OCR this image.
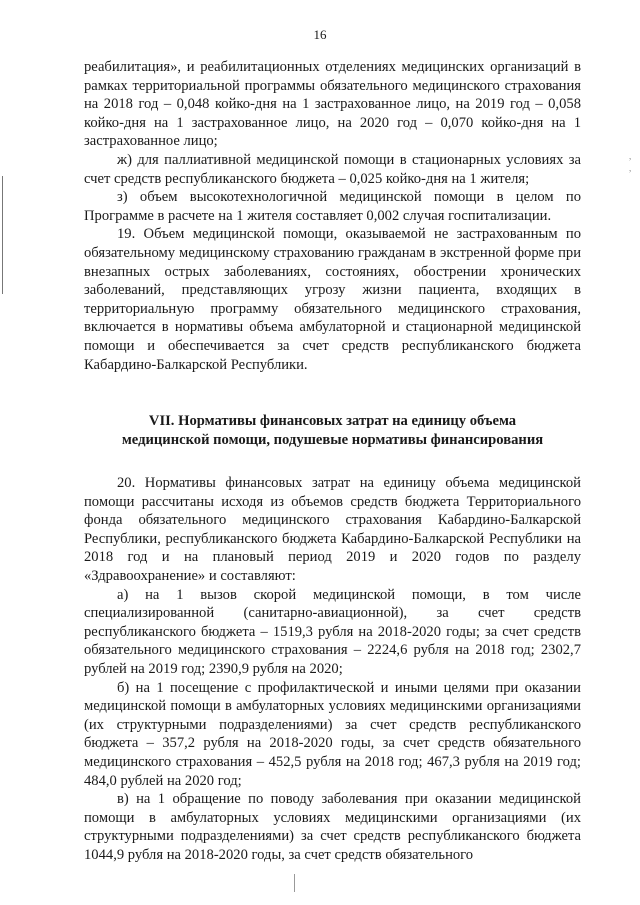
16

реабилитация», и реабилитационных отделениях медицинских организаций в рамках территориальной программы обязательного медицинского страхования на 2018 год – 0,048 койко-дня на 1 застрахованное лицо, на 2019 год – 0,058 койко-дня на 1 застрахованное лицо, на 2020 год – 0,070 койко-дня на 1 застрахованное лицо;

ж) для паллиативной медицинской помощи в стационарных условиях за счет средств республиканского бюджета – 0,025 койко-дня на 1 жителя;

з) объем высокотехнологичной медицинской помощи в целом по Программе в расчете на 1 жителя составляет 0,002 случая госпитализации.

19. Объем медицинской помощи, оказываемой не застрахованным по обязательному медицинскому страхованию гражданам в экстренной форме при внезапных острых заболеваниях, состояниях, обострении хронических заболеваний, представляющих угрозу жизни пациента, входящих в территориальную программу обязательного медицинского страхования, включается в нормативы объема амбулаторной и стационарной медицинской помощи и обеспечивается за счет средств республиканского бюджета Кабардино-Балкарской Республики.

VII. Нормативы финансовых затрат на единицу объема
медицинской помощи, подушевые нормативы финансирования

20. Нормативы финансовых затрат на единицу объема медицинской помощи рассчитаны исходя из объемов средств бюджета Территориального фонда обязательного медицинского страхования Кабардино-Балкарской Республики, республиканского бюджета Кабардино-Балкарской Республики на 2018 год и на плановый период 2019 и 2020 годов по разделу «Здравоохранение» и составляют:

а) на 1 вызов скорой медицинской помощи, в том числе специализированной (санитарно-авиационной), за счет средств республиканского бюджета – 1519,3 рубля на 2018-2020 годы; за счет средств обязательного медицинского страхования – 2224,6 рубля на 2018 год; 2302,7 рублей на 2019 год; 2390,9 рубля на 2020;

б) на 1 посещение с профилактической и иными целями при оказании медицинской помощи в амбулаторных условиях медицинскими организациями (их структурными подразделениями) за счет средств республиканского бюджета – 357,2 рубля на 2018-2020 годы, за счет средств обязательного медицинского страхования – 452,5 рубля на 2018 год; 467,3 рубля на 2019 год; 484,0 рублей на 2020 год;

в) на 1 обращение по поводу заболевания при оказании медицинской помощи в амбулаторных условиях медицинскими организациями (их структурными подразделениями) за счет средств республиканского бюджета 1044,9 рубля на 2018-2020 годы, за счет средств обязательного

,
,
